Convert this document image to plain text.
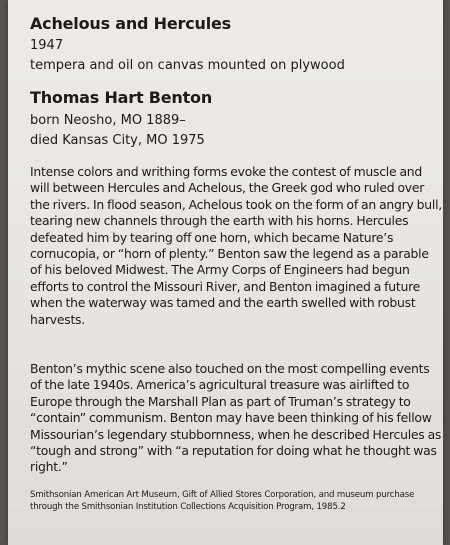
Achelous and Hercules
1947
tempera and oil on canvas mounted on plywood
Thomas Hart Benton
born Neosho, MO 1889–
died Kansas City, MO 1975

Intense colors and writhing forms evoke the contest of muscle and will between Hercules and Achelous, the Greek god who ruled over the rivers. In flood season, Achelous took on the form of an angry bull, tearing new channels through the earth with his horns. Hercules defeated him by tearing off one horn, which became Nature’s cornucopia, or “horn of plenty.” Benton saw the legend as a parable of his beloved Midwest. The Army Corps of Engineers had begun efforts to control the Missouri River, and Benton imagined a future when the waterway was tamed and the earth swelled with robust harvests.

Benton’s mythic scene also touched on the most compelling events of the late 1940s. America’s agricultural treasure was airlifted to Europe through the Marshall Plan as part of Truman’s strategy to “contain” communism. Benton may have been thinking of his fellow Missourian’s legendary stubbornness, when he described Hercules as “tough and strong” with “a reputation for doing what he thought was right.”

Smithsonian American Art Museum, Gift of Allied Stores Corporation, and museum purchase through the Smithsonian Institution Collections Acquisition Program, 1985.2
